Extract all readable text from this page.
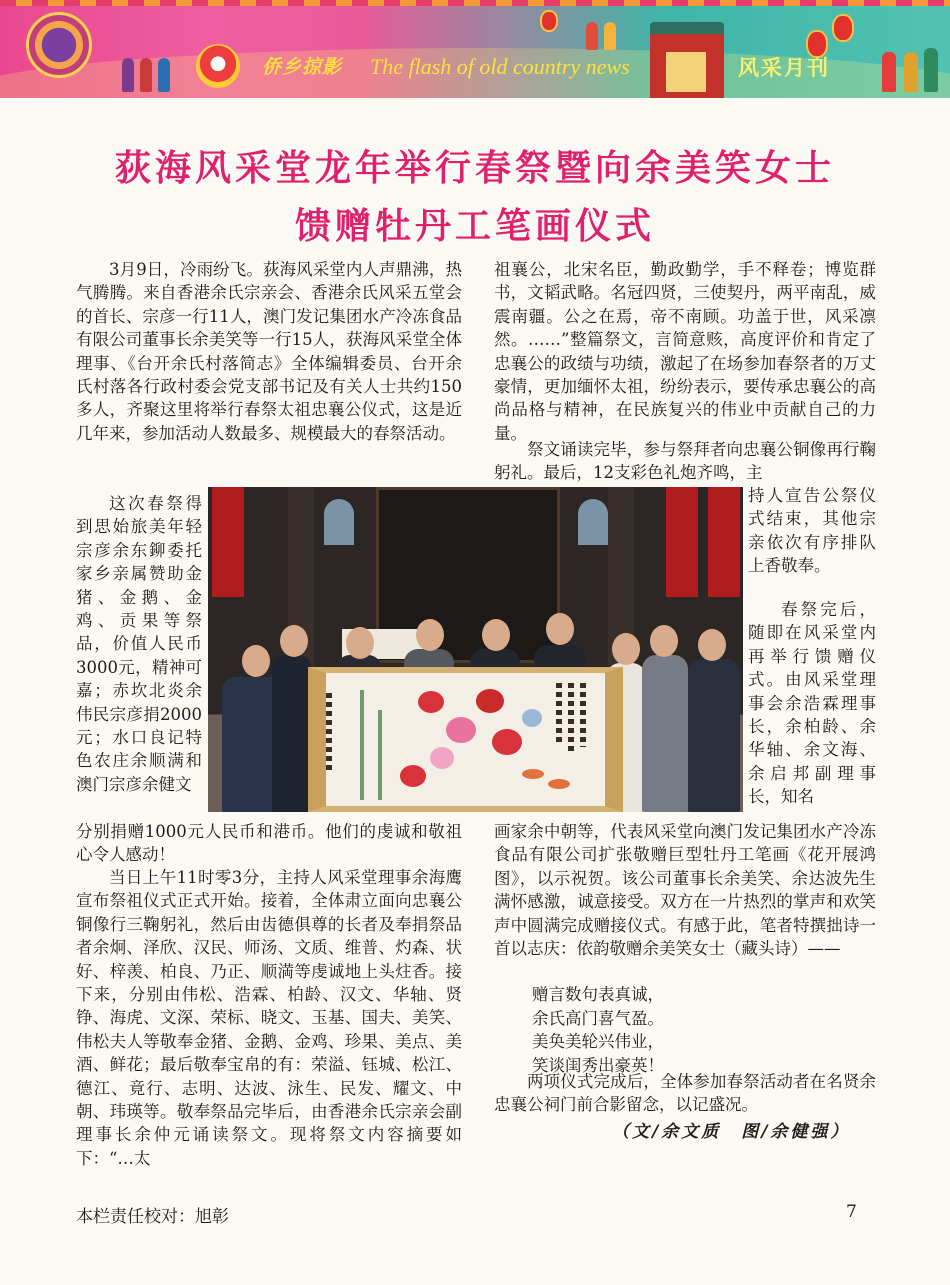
侨乡掠影 The flash of old country news	风采月刊
荻海风采堂龙年举行春祭暨向余美笑女士
馈赠牡丹工笔画仪式

3月9日，冷雨纷飞。荻海风采堂内人声鼎沸，热气腾腾。来自香港余氏宗亲会、香港余氏风采五堂会的首长、宗彦一行11人，澳门发记集团水产冷冻食品有限公司董事长余美笑等一行15人，获海风采堂全体理事、《台开余氏村落简志》全体编辑委员、台开余氏村落各行政村委会党支部书记及有关人士共约150多人，齐聚这里将举行春祭太祖忠襄公仪式，这是近几年来，参加活动人数最多、规模最大的春祭活动。

这次春祭得到思始旅美年轻宗彦余东鉚委托家乡亲属赞助金猪、金鹅、金鸡、贡果等祭品，价值人民币3000元，精神可嘉；赤坎北炎余伟民宗彦捐2000元；水口良记特色农庄余顺满和澳门宗彦余健文

分别捐赠1000元人民币和港币。他们的虔诚和敬祖心令人感动！

当日上午11时零3分，主持人风采堂理事余海鹰宣布祭祖仪式正式开始。接着，全体肃立面向忠襄公铜像行三鞠躬礼，然后由齿德俱尊的长者及奉捐祭品者余炯、泽欣、汉民、师汤、文质、维普、灼森、状好、梓羡、柏良、乃正、顺満等虔诚地上头炷香。接下来，分别由伟松、浩霖、柏龄、汉文、华轴、贤铮、海虎、文深、荣标、晓文、玉基、国夫、美笑、伟松夫人等敬奉金猪、金鹅、金鸡、珍果、美点、美酒、鲜花；最后敬奉宝帛的有：荣溢、钰城、松江、德江、竟行、志明、达波、泳生、民发、耀文、中朝、玮瑛等。敬奉祭品完毕后，由香港余氏宗亲会副理事长余仲元诵读祭文。现将祭文内容摘要如下：“…太

祖襄公，北宋名臣，勤政勤学，手不释卷；博览群书，文韬武略。名冠四贤，三使契丹，两平南乱，威震南疆。公之在焉，帝不南顾。功盖于世，风采凛然。……”整篇祭文，言简意赅，高度评价和肯定了忠襄公的政绩与功绩，激起了在场参加春祭者的万丈豪情，更加缅怀太祖，纷纷表示，要传承忠襄公的高尚品格与精神，在民族复兴的伟业中贡献自己的力量。

祭文诵读完毕，参与祭拜者向忠襄公铜像再行鞠躬礼。最后，12支彩色礼炮齐鸣，主

持人宣告公祭仪式结束，其他宗亲依次有序排队上香敬奉。

春祭完后，随即在风采堂内再举行馈赠仪式。由风采堂理事会余浩霖理事长，余柏龄、余华轴、余文海、余启邦副理事长，知名

画家余中朝等，代表风采堂向澳门发记集团水产冷冻食品有限公司扩张敬赠巨型牡丹工笔画《花开展鸿图》，以示祝贺。该公司董事长余美笑、余达波先生满怀感激，诚意接受。双方在一片热烈的掌声和欢笑声中圆满完成赠接仪式。有感于此，笔者特撰拙诗一首以志庆：依韵敬赠余美笑女士（藏头诗）——

赠言数句表真诚，
余氏高门喜气盈。
美奂美轮兴伟业，
笑谈闺秀出豪英！

两项仪式完成后，全体参加春祭活动者在名贤余忠襄公祠门前合影留念，以记盛况。

（文/余文质　图/余健强）
本栏责任校对：旭彰	7
